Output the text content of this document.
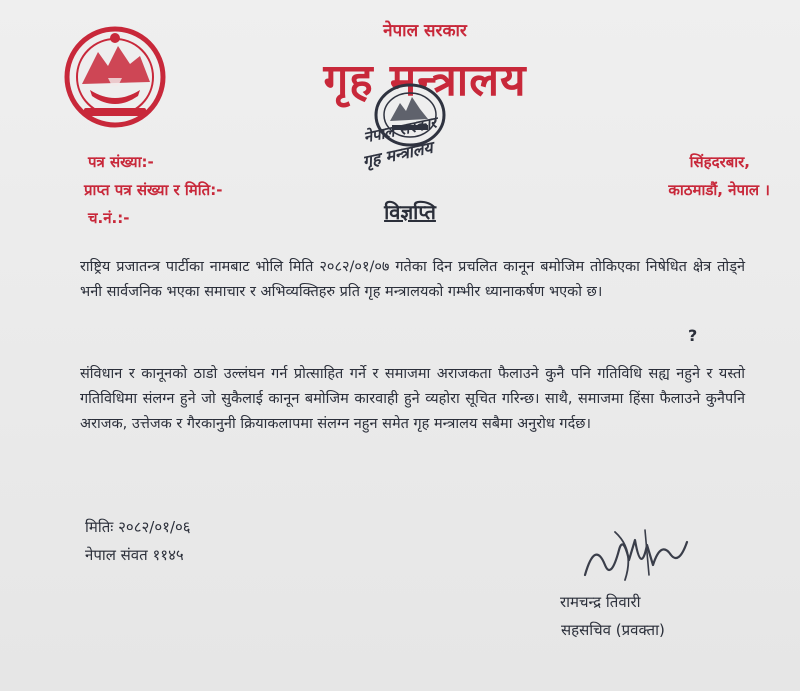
नेपाल सरकार
गृह मन्त्रालय
नेपाल सरकार
गृह मन्त्रालय
पत्र संख्या:-
प्राप्त पत्र संख्या र मिति:-
च.नं.:-
सिंहदरबार,
काठमाडौं, नेपाल ।
विज्ञप्ति
राष्ट्रिय प्रजातन्त्र पार्टीका नामबाट भोलि मिति २०८२/०१/०७ गतेका दिन प्रचलित कानून बमोजिम तोकिएका निषेधित क्षेत्र तोड्ने भनी सार्वजनिक भएका समाचार र अभिव्यक्तिहरु प्रति गृह मन्त्रालयको गम्भीर ध्यानाकर्षण भएको छ।
?
संविधान र कानूनको ठाडो उल्लंघन गर्न प्रोत्साहित गर्ने र समाजमा अराजकता फैलाउने कुनै पनि गतिविधि सह्य नहुने र यस्तो गतिविधिमा संलग्न हुने जो सुकैलाई कानून बमोजिम कारवाही हुने व्यहोरा सूचित गरिन्छ। साथै, समाजमा हिंसा फैलाउने कुनैपनि अराजक, उत्तेजक र गैरकानुनी क्रियाकलापमा संलग्न नहुन समेत गृह मन्त्रालय सबैमा अनुरोध गर्दछ।
मितिः २०८२/०१/०६
नेपाल संवत ११४५
रामचन्द्र तिवारी
सहसचिव (प्रवक्ता)
